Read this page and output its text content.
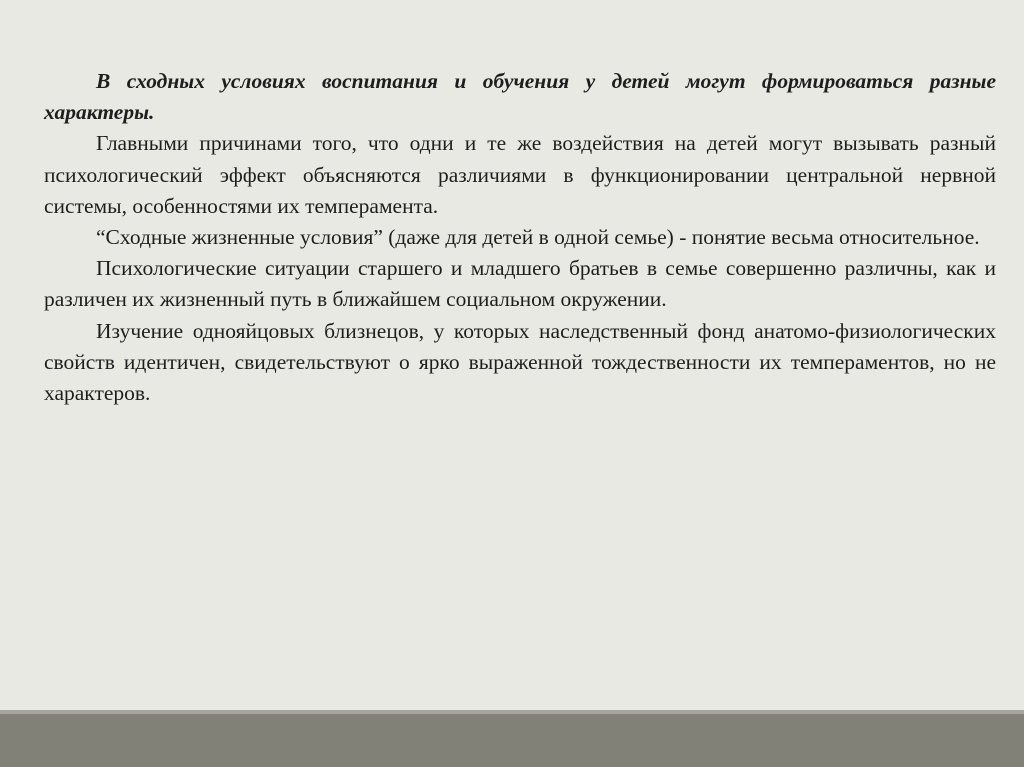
В сходных условиях воспитания и обучения у детей могут формироваться разные характеры.

Главными причинами того, что одни и те же воздействия на детей могут вызывать разный психологический эффект объясняются различиями в функционировании центральной нервной системы, особенностями их темперамента.

“Сходные жизненные условия” (даже для детей в одной семье) - понятие весьма относительное.

Психологические ситуации старшего и младшего братьев в семье совершенно различны, как и различен их жизненный путь в ближайшем социальном окружении.

Изучение однояйцовых близнецов, у которых наследственный фонд анатомо-физиологических свойств идентичен, свидетельствуют о ярко выраженной тождественности их темпераментов, но не характеров.
